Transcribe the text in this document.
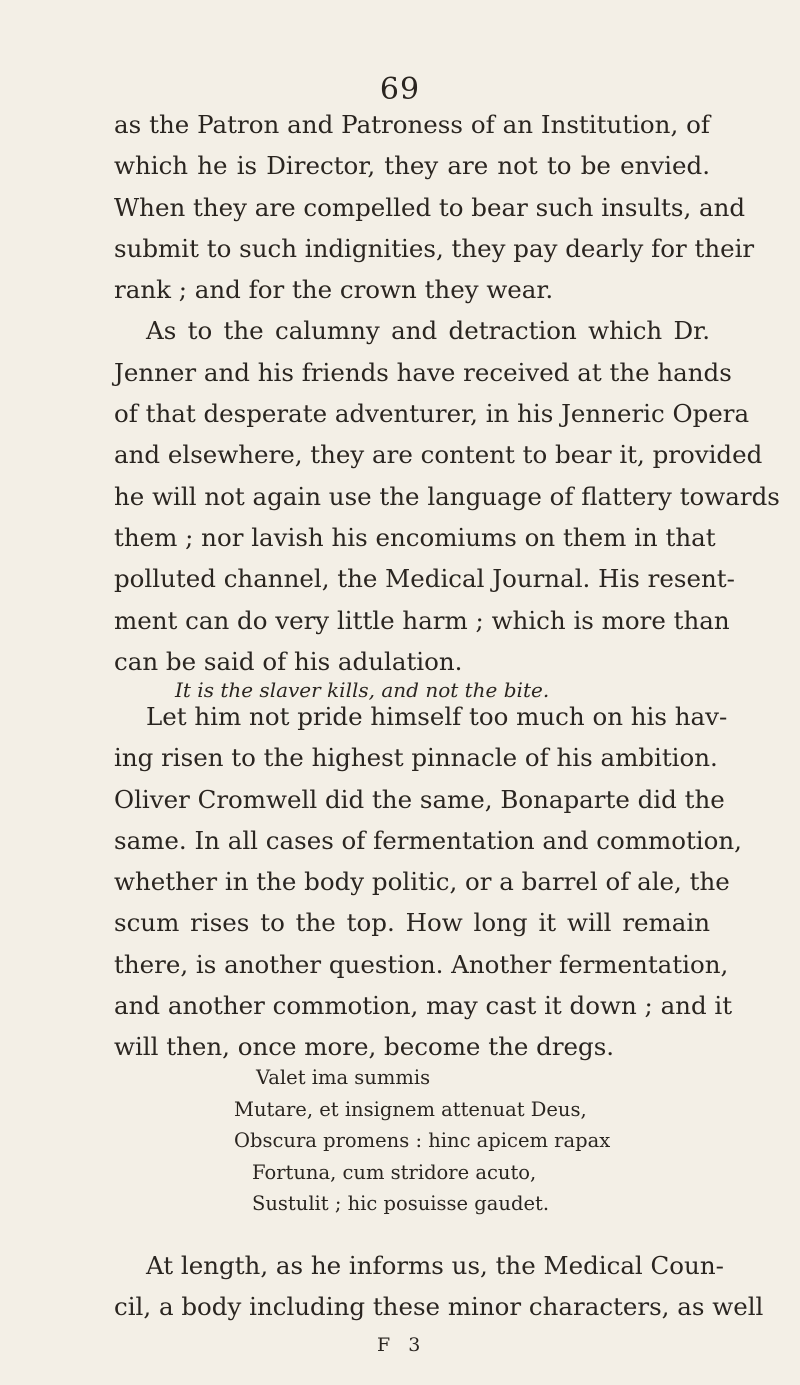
69
as the Patron and Patroness of an Institution, of
which he is Director, they are not to be envied.
When they are compelled to bear such insults, and
submit to such indignities, they pay dearly for their
rank ; and for the crown they wear.
As to the calumny and detraction which Dr.
Jenner and his friends have received at the hands
of that desperate adventurer, in his Jenneric Opera
and elsewhere, they are content to bear it, provided
he will not again use the language of flattery towards
them ; nor lavish his encomiums on them in that
polluted channel, the Medical Journal. His resent-
ment can do very little harm ; which is more than
can be said of his adulation.
It is the slaver kills, and not the bite.
Let him not pride himself too much on his hav-
ing risen to the highest pinnacle of his ambition.
Oliver Cromwell did the same, Bonaparte did the
same. In all cases of fermentation and commotion,
whether in the body politic, or a barrel of ale, the
scum rises to the top. How long it will remain
there, is another question. Another fermentation,
and another commotion, may cast it down ; and it
will then, once more, become the dregs.
Valet ima summis
Mutare, et insignem attenuat Deus,
Obscura promens : hinc apicem rapax
Fortuna, cum stridore acuto,
Sustulit ; hic posuisse gaudet.
At length, as he informs us, the Medical Coun-
cil, a body including these minor characters, as well
F 3
